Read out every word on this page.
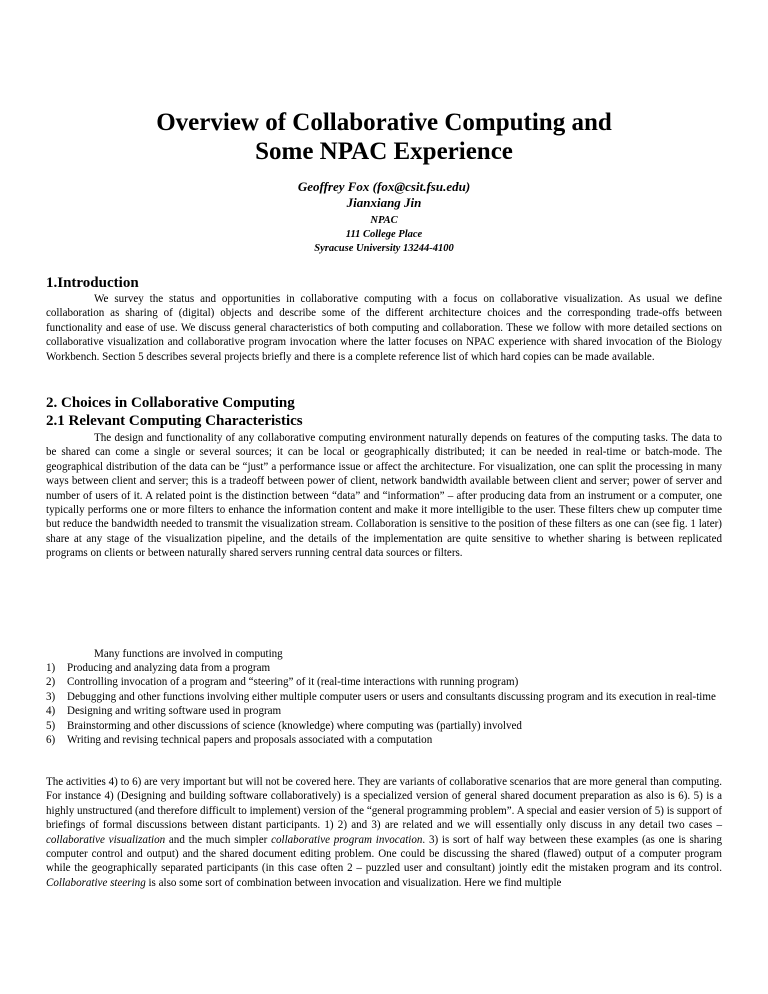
Overview of Collaborative Computing and
Some NPAC Experience
Geoffrey Fox (fox@csit.fsu.edu)
Jianxiang Jin
NPAC
111 College Place
Syracuse University 13244-4100
1.Introduction
We survey the status and opportunities in collaborative computing with a focus on collaborative visualization. As usual we define collaboration as sharing of (digital) objects and describe some of the different architecture choices and the corresponding trade-offs between functionality and ease of use. We discuss general characteristics of both computing and collaboration. These we follow with more detailed sections on collaborative visualization and collaborative program invocation where the latter focuses on NPAC experience with shared invocation of the Biology Workbench. Section 5 describes several projects briefly and there is a complete reference list of which hard copies can be made available.
2. Choices in Collaborative Computing
2.1 Relevant Computing Characteristics
The design and functionality of any collaborative computing environment naturally depends on features of the computing tasks. The data to be shared can come a single or several sources; it can be local or geographically distributed; it can be needed in real-time or batch-mode. The geographical distribution of the data can be “just” a performance issue or affect the architecture. For visualization, one can split the processing in many ways between client and server; this is a tradeoff between power of client, network bandwidth available between client and server; power of server and number of users of it. A related point is the distinction between “data” and “information” – after producing data from an instrument or a computer, one typically performs one or more filters to enhance the information content and make it more intelligible to the user. These filters chew up computer time but reduce the bandwidth needed to transmit the visualization stream. Collaboration is sensitive to the position of these filters as one can (see fig. 1 later) share at any stage of the visualization pipeline, and the details of the implementation are quite sensitive to whether sharing is between replicated programs on clients or between naturally shared servers running central data sources or filters.
Many functions are involved in computing
1) Producing and analyzing data from a program
2) Controlling invocation of a program and “steering” of it (real-time interactions with running program)
3) Debugging and other functions involving either multiple computer users or users and consultants discussing program and its execution in real-time
4) Designing and writing software used in program
5) Brainstorming and other discussions of science (knowledge) where computing was (partially) involved
6) Writing and revising technical papers and proposals associated with a computation
The activities 4) to 6) are very important but will not be covered here. They are variants of collaborative scenarios that are more general than computing. For instance 4) (Designing and building software collaboratively) is a specialized version of general shared document preparation as also is 6). 5) is a highly unstructured (and therefore difficult to implement) version of the “general programming problem”. A special and easier version of 5) is support of briefings of formal discussions between distant participants. 1) 2) and 3) are related and we will essentially only discuss in any detail two cases – collaborative visualization and the much simpler collaborative program invocation. 3) is sort of half way between these examples (as one is sharing computer control and output) and the shared document editing problem. One could be discussing the shared (flawed) output of a computer program while the geographically separated participants (in this case often 2 – puzzled user and consultant) jointly edit the mistaken program and its control. Collaborative steering is also some sort of combination between invocation and visualization. Here we find multiple
